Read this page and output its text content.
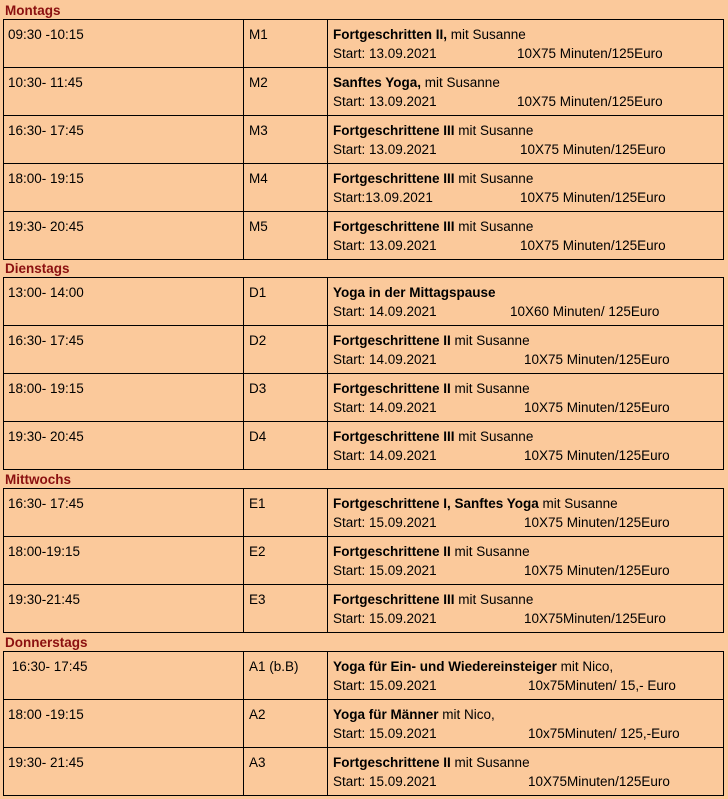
Montags
09:30 -10:15	M1	Fortgeschritten II, mit Susanne
Start: 13.09.2021 10X75 Minuten/125Euro

10:30- 11:45	M2	Sanftes Yoga, mit Susanne
Start: 13.09.2021 10X75 Minuten/125Euro

16:30- 17:45	M3	Fortgeschrittene III mit Susanne
Start: 13.09.2021 10X75 Minuten/125Euro

18:00- 19:15	M4	Fortgeschrittene III mit Susanne
Start:13.09.2021 10X75 Minuten/125Euro

19:30- 20:45	M5	Fortgeschrittene III mit Susanne
Start: 13.09.2021 10X75 Minuten/125Euro
Dienstags
13:00- 14:00	D1	Yoga in der Mittagspause
Start: 14.09.2021 10X60 Minuten/ 125Euro

16:30- 17:45	D2	Fortgeschrittene II mit Susanne
Start: 14.09.2021 10X75 Minuten/125Euro

18:00- 19:15	D3	Fortgeschrittene II mit Susanne
Start: 14.09.2021 10X75 Minuten/125Euro

19:30- 20:45	D4	Fortgeschrittene III mit Susanne
Start: 14.09.2021 10X75 Minuten/125Euro
Mittwochs
16:30- 17:45	E1	Fortgeschrittene I, Sanftes Yoga mit Susanne
Start: 15.09.2021 10X75 Minuten/125Euro

18:00-19:15	E2	Fortgeschrittene II mit Susanne
Start: 15.09.2021 10X75 Minuten/125Euro

19:30-21:45	E3	Fortgeschrittene III mit Susanne
Start: 15.09.2021 10X75Minuten/125Euro
Donnerstags
16:30- 17:45	A1 (b.B)	Yoga für Ein- und Wiedereinsteiger mit Nico,
Start: 15.09.2021 10x75Minuten/ 15,- Euro

18:00 -19:15	A2	Yoga für Männer mit Nico,
Start: 15.09.2021 10x75Minuten/ 125,-Euro

19:30- 21:45	A3	Fortgeschrittene II mit Susanne
Start: 15.09.2021 10X75Minuten/125Euro
